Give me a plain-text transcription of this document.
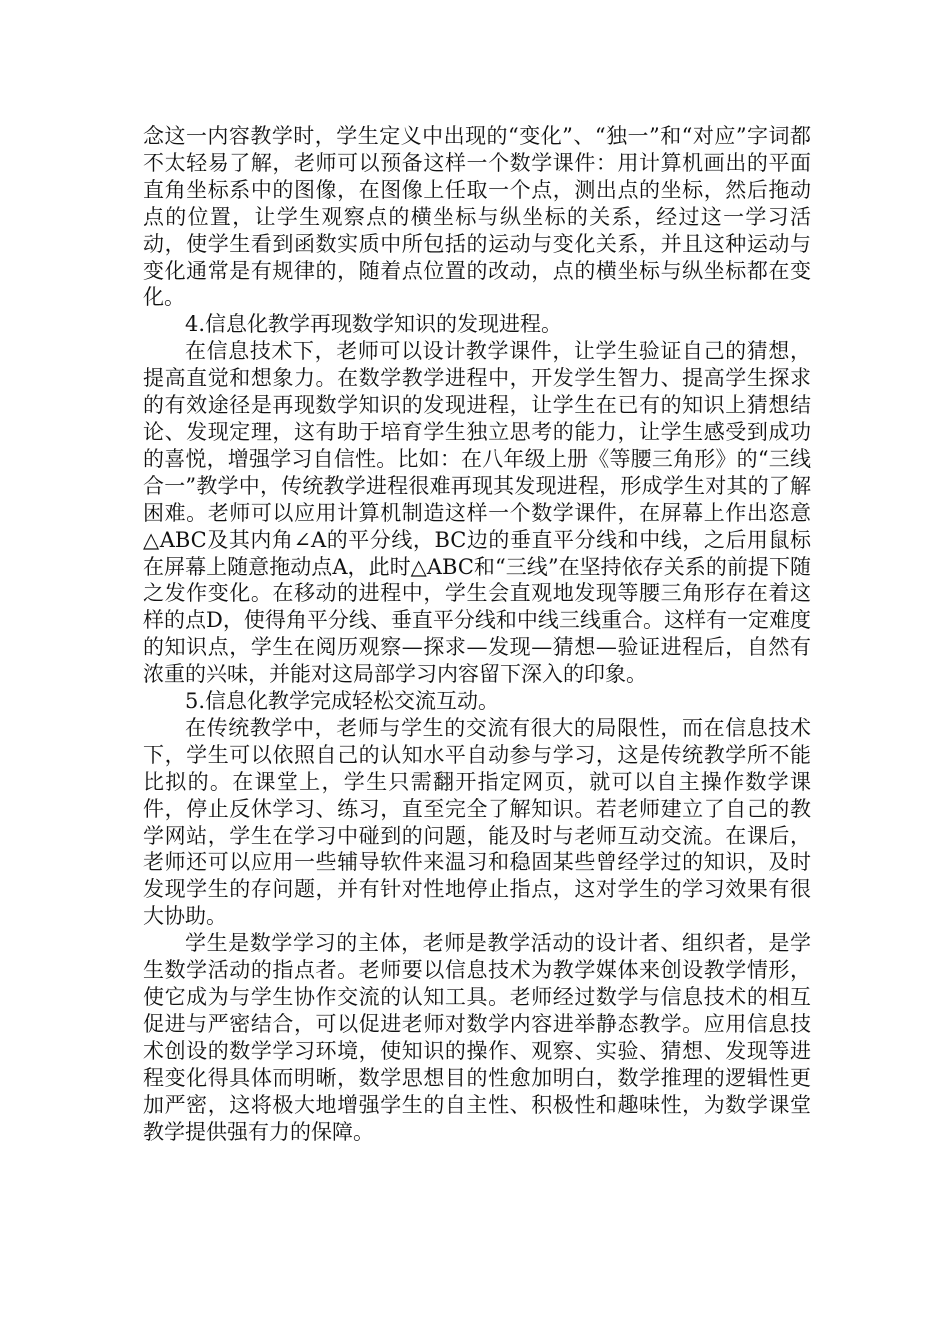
念这一内容教学时，学生定义中出现的“变化”、“独一”和“对应”字词都不太轻易了解，老师可以预备这样一个数学课件：用计算机画出的平面直角坐标系中的图像，在图像上任取一个点，测出点的坐标，然后拖动点的位置，让学生观察点的横坐标与纵坐标的关系，经过这一学习活动，使学生看到函数实质中所包括的运动与变化关系，并且这种运动与变化通常是有规律的，随着点位置的改动，点的横坐标与纵坐标都在变化。

4.信息化教学再现数学知识的发现进程。

在信息技术下，老师可以设计教学课件，让学生验证自己的猜想，提高直觉和想象力。在数学教学进程中，开发学生智力、提高学生探求的有效途径是再现数学知识的发现进程，让学生在已有的知识上猜想结论、发现定理，这有助于培育学生独立思考的能力，让学生感受到成功的喜悦，增强学习自信性。比如：在八年级上册《等腰三角形》的“三线合一”教学中，传统教学进程很难再现其发现进程，形成学生对其的了解困难。老师可以应用计算机制造这样一个数学课件，在屏幕上作出恣意△ABC及其内角∠A的平分线，BC边的垂直平分线和中线，之后用鼠标在屏幕上随意拖动点A，此时△ABC和“三线”在坚持依存关系的前提下随之发作变化。在移动的进程中，学生会直观地发现等腰三角形存在着这样的点D，使得角平分线、垂直平分线和中线三线重合。这样有一定难度的知识点，学生在阅历观察—探求—发现—猜想—验证进程后，自然有浓重的兴味，并能对这局部学习内容留下深入的印象。

5.信息化教学完成轻松交流互动。

在传统教学中，老师与学生的交流有很大的局限性，而在信息技术下，学生可以依照自己的认知水平自动参与学习，这是传统教学所不能比拟的。在课堂上，学生只需翻开指定网页，就可以自主操作数学课件，停止反休学习、练习，直至完全了解知识。若老师建立了自己的教学网站，学生在学习中碰到的问题，能及时与老师互动交流。在课后，老师还可以应用一些辅导软件来温习和稳固某些曾经学过的知识，及时发现学生的存问题，并有针对性地停止指点，这对学生的学习效果有很大协助。

学生是数学学习的主体，老师是教学活动的设计者、组织者，是学生数学活动的指点者。老师要以信息技术为教学媒体来创设教学情形，使它成为与学生协作交流的认知工具。老师经过数学与信息技术的相互促进与严密结合，可以促进老师对数学内容进举静态教学。应用信息技术创设的数学学习环境，使知识的操作、观察、实验、猜想、发现等进程变化得具体而明晰，数学思想目的性愈加明白，数学推理的逻辑性更加严密，这将极大地增强学生的自主性、积极性和趣味性，为数学课堂教学提供强有力的保障。
